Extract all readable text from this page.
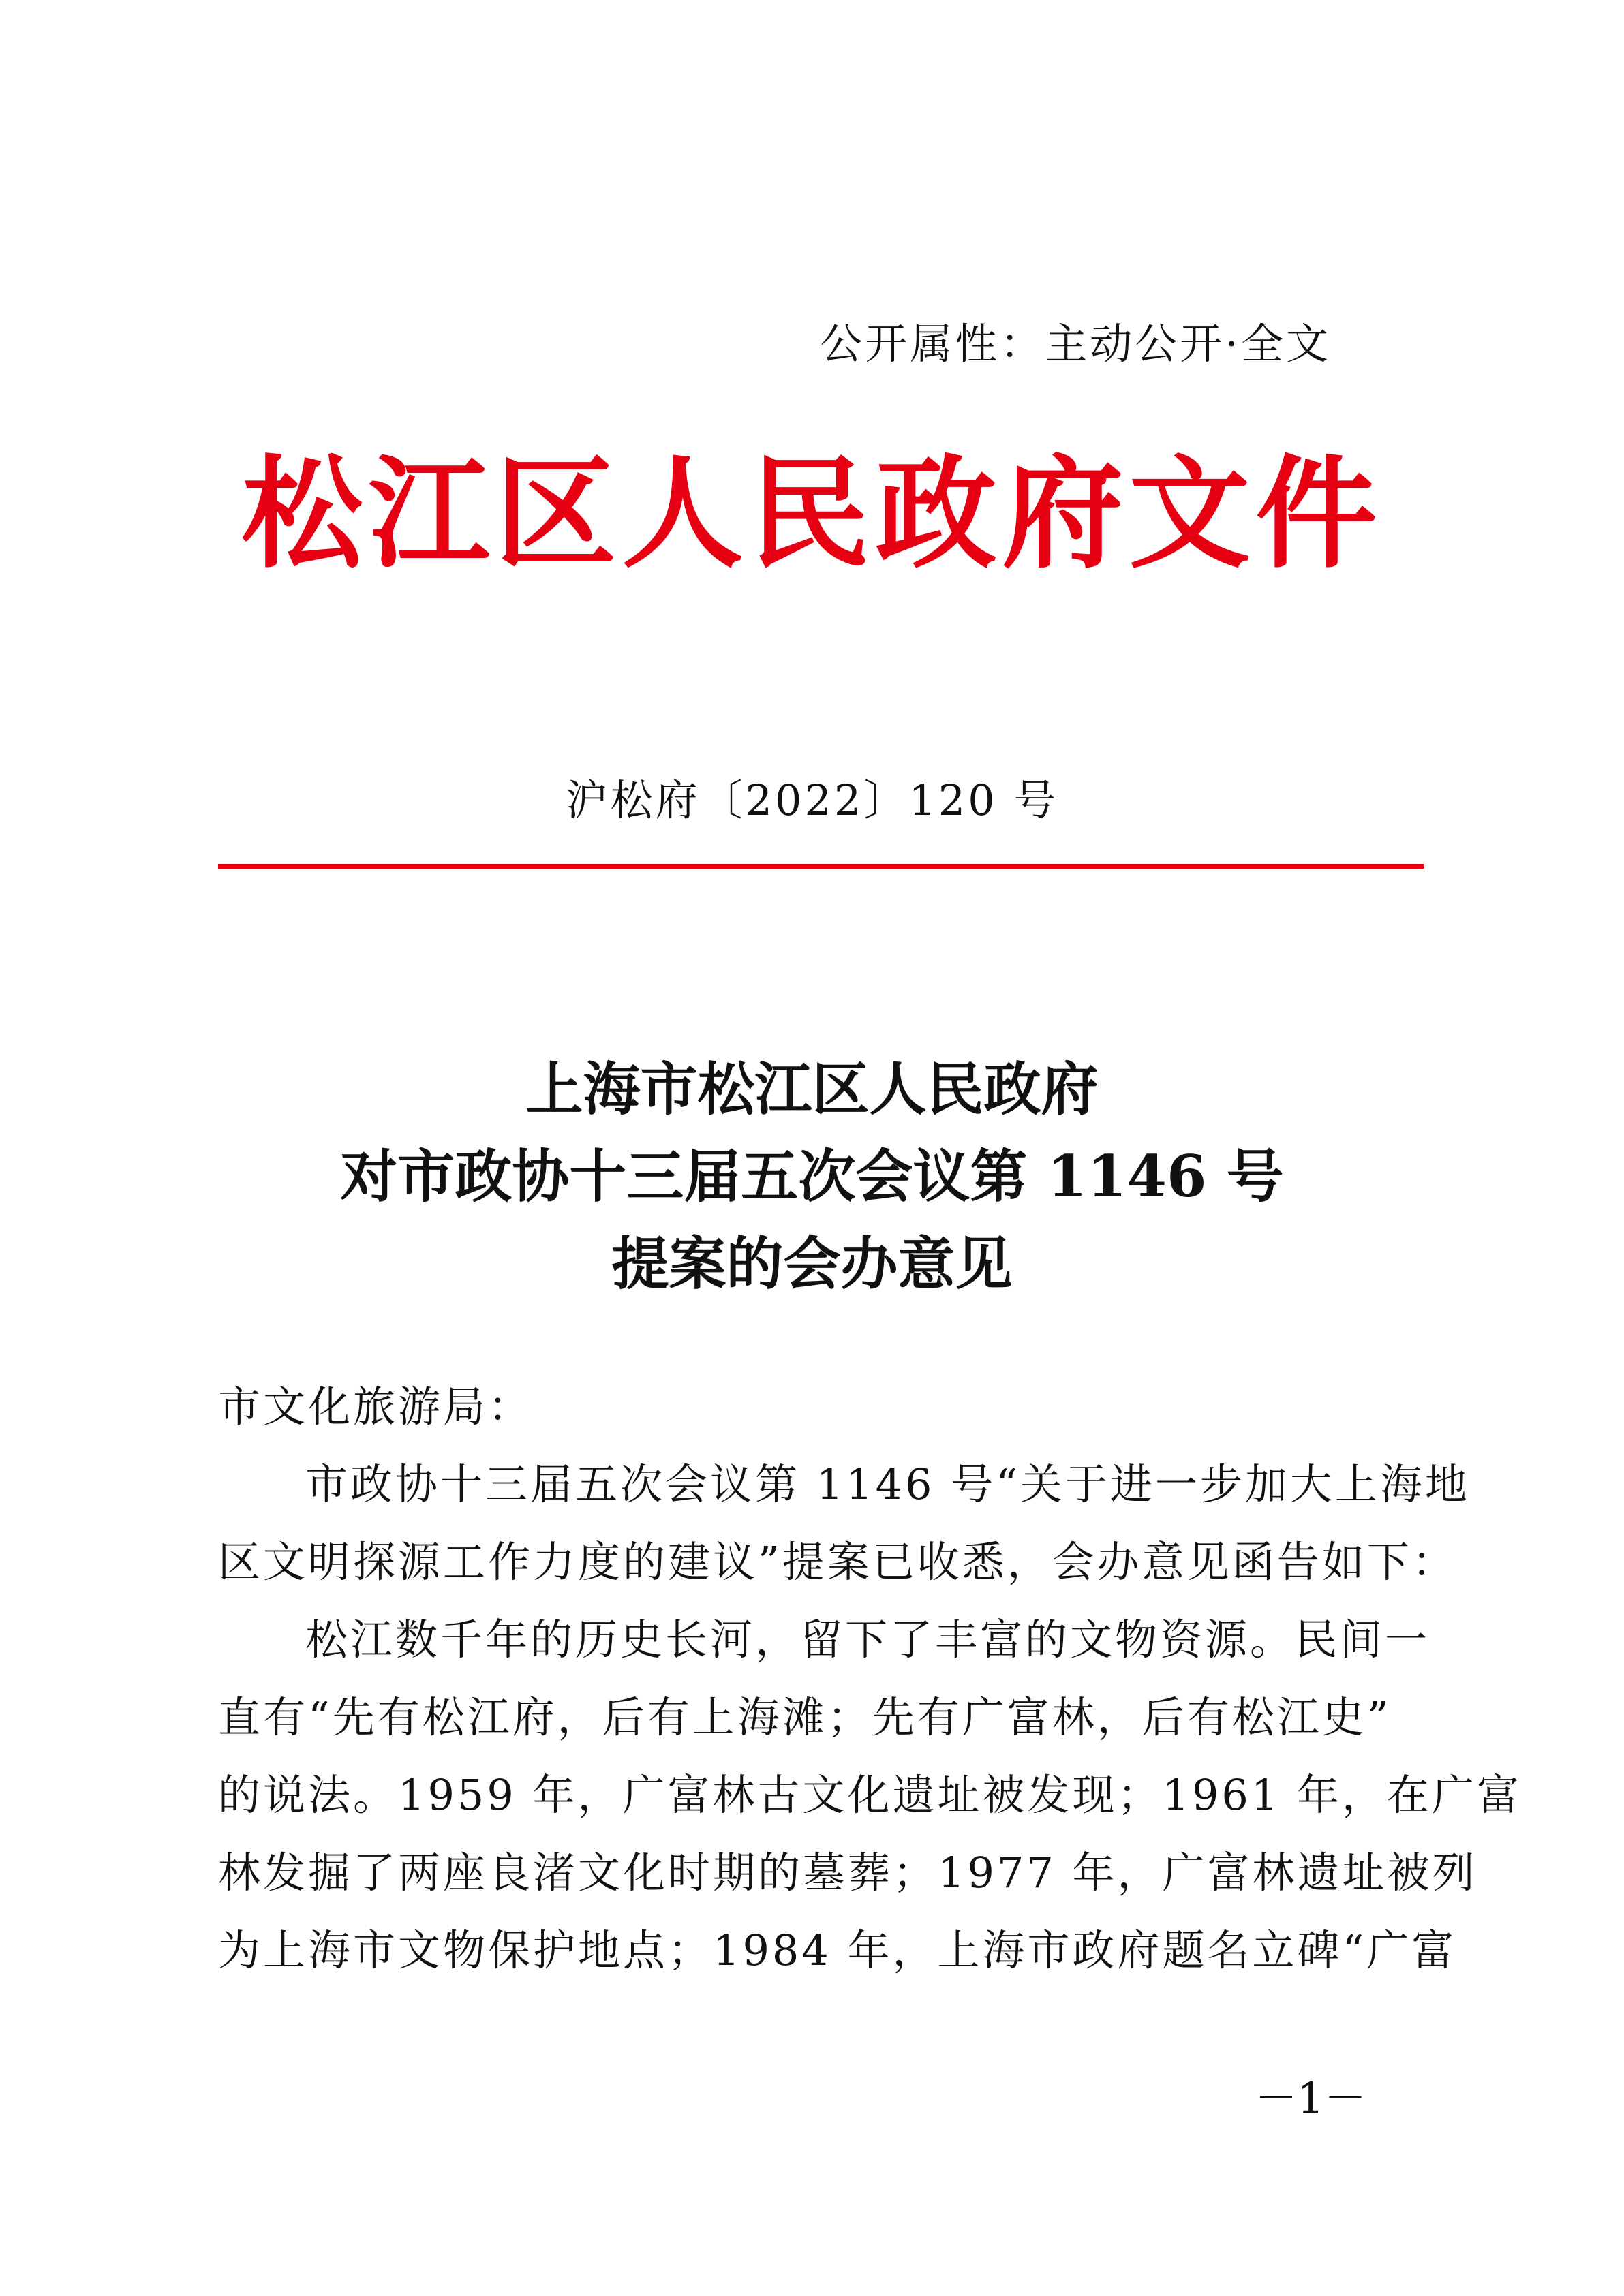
公开属性：主动公开·全文
松江区人民政府文件
沪松府〔2022〕120 号
上海市松江区人民政府
对市政协十三届五次会议第 1146 号
提案的会办意见

市文化旅游局：

市政协十三届五次会议第 1146 号“关于进一步加大上海地

区文明探源工作力度的建议”提案已收悉，会办意见函告如下：

松江数千年的历史长河，留下了丰富的文物资源。民间一

直有“先有松江府，后有上海滩；先有广富林，后有松江史”

的说法。1959 年，广富林古文化遗址被发现；1961 年，在广富

林发掘了两座良渚文化时期的墓葬；1977 年，广富林遗址被列

为上海市文物保护地点；1984 年，上海市政府题名立碑“广富

－1－
